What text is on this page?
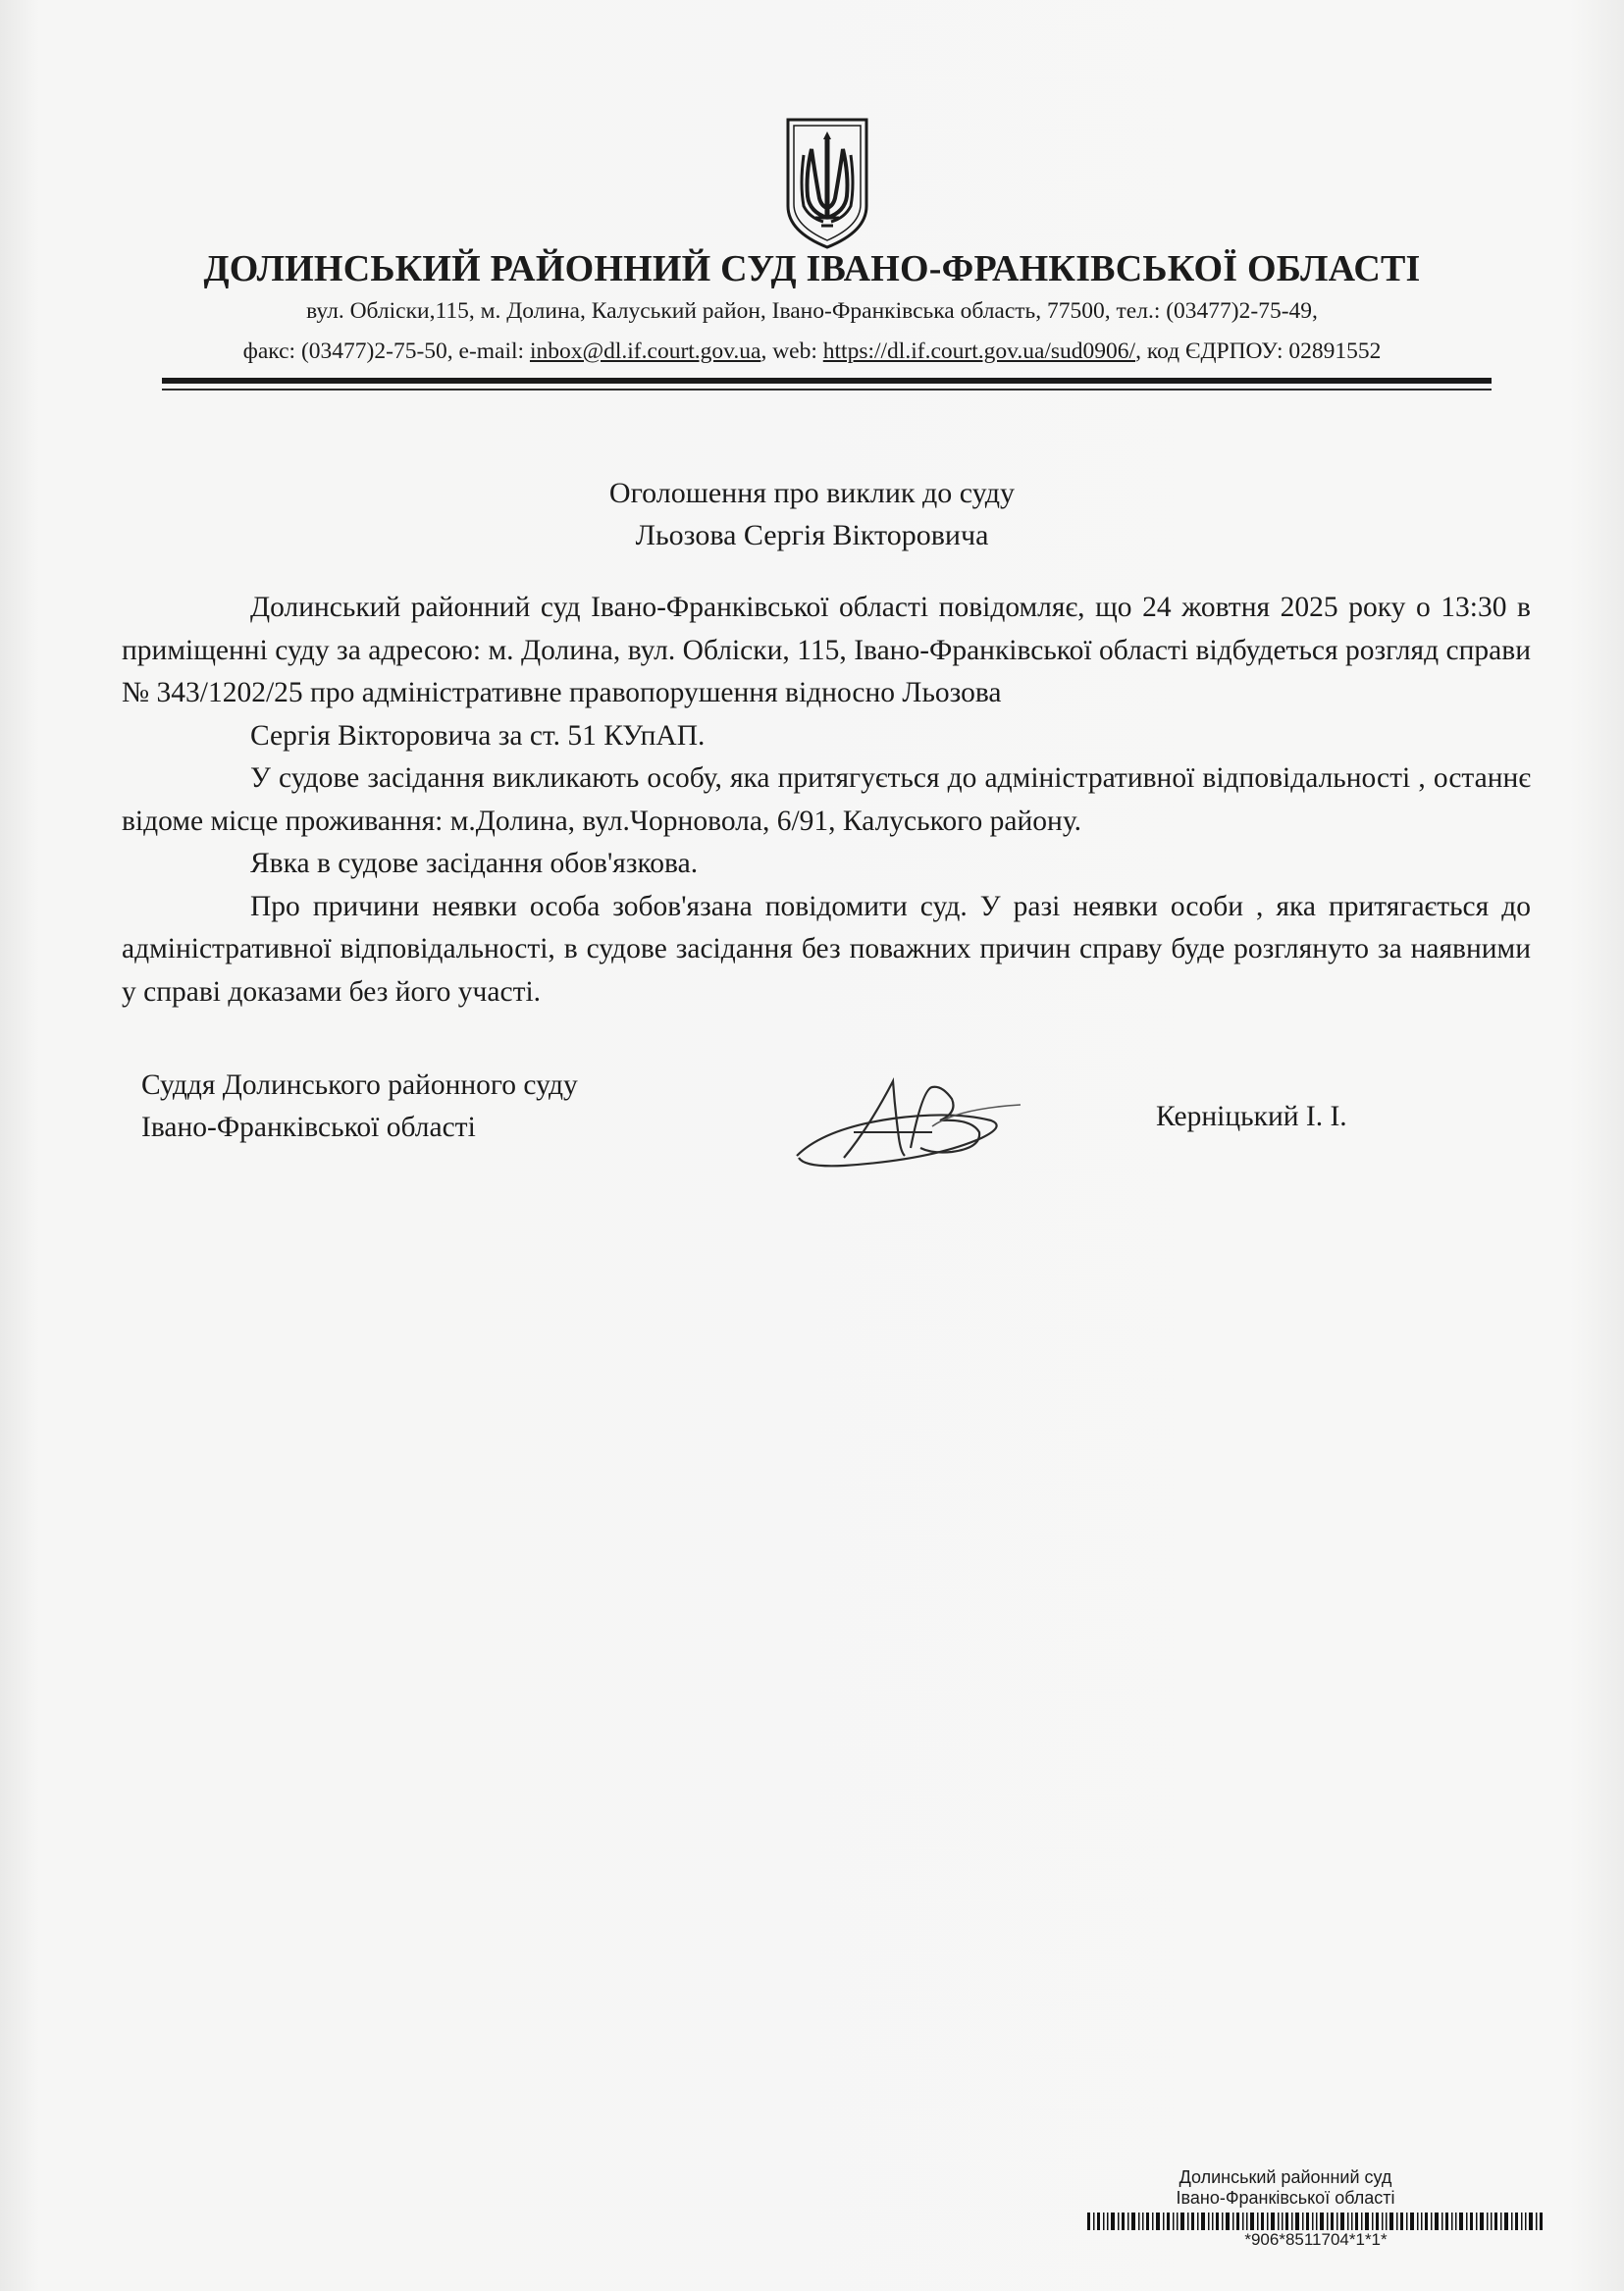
ДОЛИНСЬКИЙ РАЙОННИЙ СУД ІВАНО-ФРАНКІВСЬКОЇ ОБЛАСТІ
вул. Обліски,115, м. Долина, Калуський район, Івано-Франківська область, 77500, тел.: (03477)2-75-49,
факс: (03477)2-75-50, e-mail: inbox@dl.if.court.gov.ua, web: https://dl.if.court.gov.ua/sud0906/, код ЄДРПОУ: 02891552
Оголошення про виклик до суду
Льозова Сергія Вікторовича

Долинський районний суд Івано-Франківської області повідомляє, що 24 жовтня 2025 року о 13:30 в приміщенні суду за адресою: м. Долина, вул. Обліски, 115, Івано-Франківської області відбудеться розгляд справи № 343/1202/25 про адміністративне правопорушення відносно Льозова

Сергія Вікторовича за ст. 51 КУпАП.

У судове засідання викликають особу, яка притягується до адміністративної відповідальності , останнє відоме місце проживання: м.Долина, вул.Чорновола, 6/91, Калуського району.

Явка в судове засідання обов'язкова.

Про причини неявки особа зобов'язана повідомити суд. У разі неявки особи , яка притягається до адміністративної відповідальності, в судове засідання без поважних причин справу буде розглянуто за наявними у справі доказами без його участі.

Суддя Долинського районного суду
Івано-Франківської області	Керніцький І. І.
Долинський районний суд
Івано-Франківської області
*906*8511704*1*1*
